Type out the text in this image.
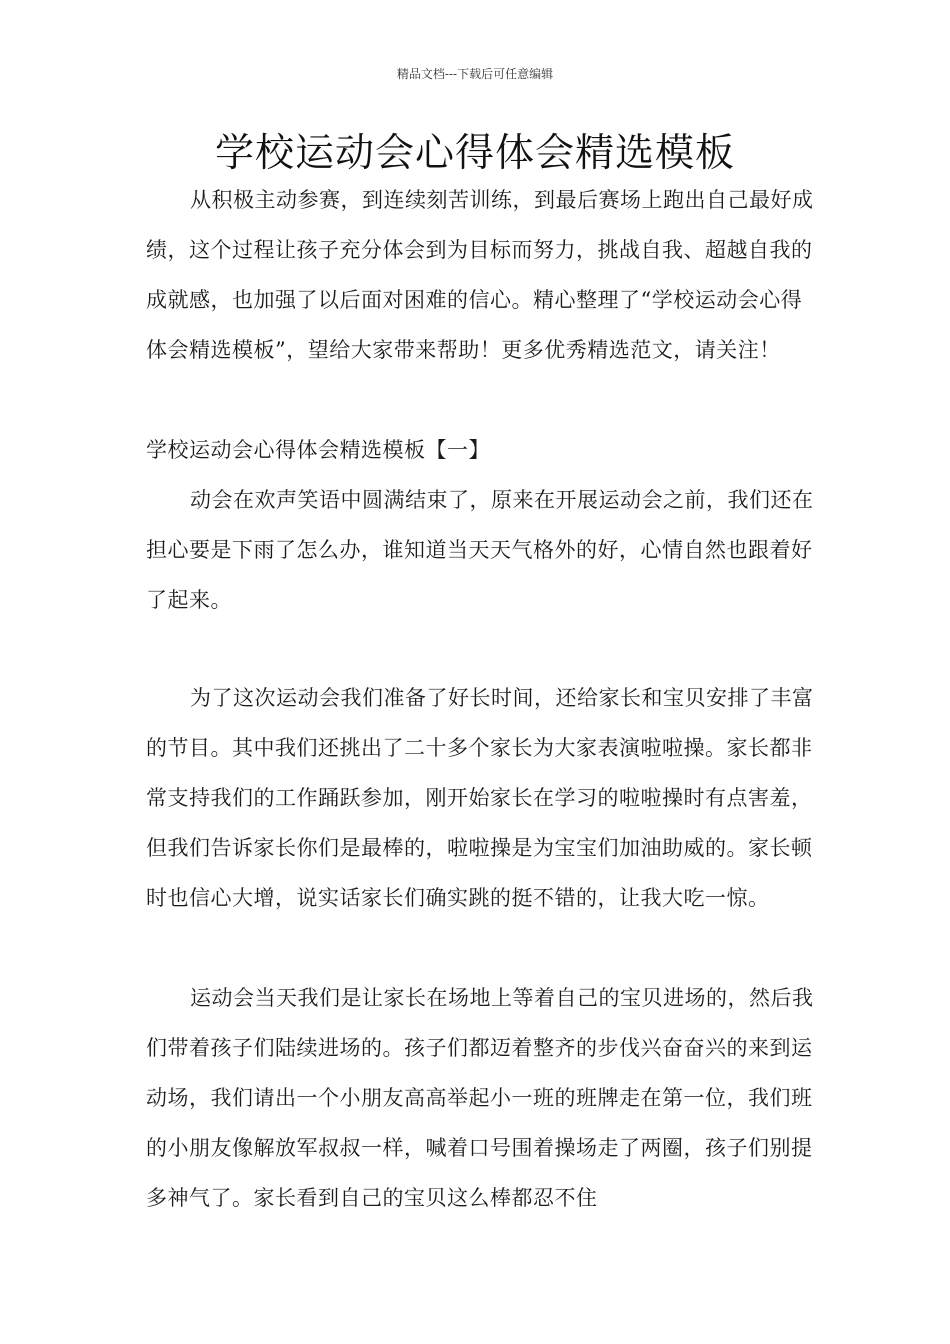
精品文档---下载后可任意编辑
学校运动会心得体会精选模板

从积极主动参赛，到连续刻苦训练，到最后赛场上跑出自己最好成绩，这个过程让孩子充分体会到为目标而努力，挑战自我、超越自我的成就感，也加强了以后面对困难的信心。精心整理了“学校运动会心得体会精选模板”，望给大家带来帮助！更多优秀精选范文，请关注！

学校运动会心得体会精选模板【一】

动会在欢声笑语中圆满结束了，原来在开展运动会之前，我们还在担心要是下雨了怎么办，谁知道当天天气格外的好，心情自然也跟着好了起来。

为了这次运动会我们准备了好长时间，还给家长和宝贝安排了丰富的节目。其中我们还挑出了二十多个家长为大家表演啦啦操。家长都非常支持我们的工作踊跃参加，刚开始家长在学习的啦啦操时有点害羞，但我们告诉家长你们是最棒的，啦啦操是为宝宝们加油助威的。家长顿时也信心大增，说实话家长们确实跳的挺不错的，让我大吃一惊。

运动会当天我们是让家长在场地上等着自己的宝贝进场的，然后我们带着孩子们陆续进场的。孩子们都迈着整齐的步伐兴奋奋兴的来到运动场，我们请出一个小朋友高高举起小一班的班牌走在第一位，我们班的小朋友像解放军叔叔一样，喊着口号围着操场走了两圈，孩子们别提多神气了。家长看到自己的宝贝这么棒都忍不住
